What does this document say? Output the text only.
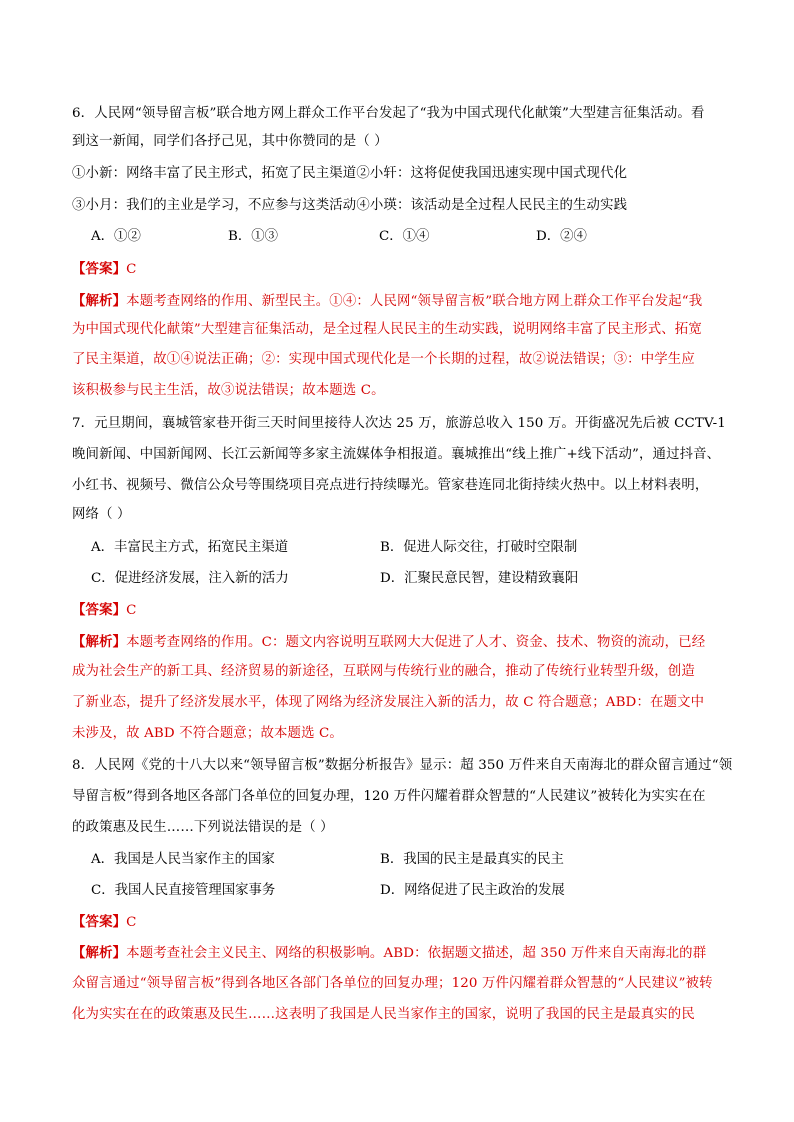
6．人民网“领导留言板”联合地方网上群众工作平台发起了“我为中国式现代化献策”大型建言征集活动。看
到这一新闻，同学们各抒己见，其中你赞同的是（ ）
①小新：网络丰富了民主形式，拓宽了民主渠道②小轩：这将促使我国迅速实现中国式现代化
③小月：我们的主业是学习，不应参与这类活动④小瑛：该活动是全过程人民民主的生动实践
A．①②	B．①③	C．①④	D．②④
【答案】C
【解析】本题考查网络的作用、新型民主。①④：人民网“领导留言板”联合地方网上群众工作平台发起“我
为中国式现代化献策”大型建言征集活动，是全过程人民民主的生动实践，说明网络丰富了民主形式、拓宽
了民主渠道，故①④说法正确；②：实现中国式现代化是一个长期的过程，故②说法错误；③：中学生应
该积极参与民主生活，故③说法错误；故本题选 C。
7．元旦期间，襄城管家巷开街三天时间里接待人次达 25 万，旅游总收入 150 万。开街盛况先后被 CCTV-1
晚间新闻、中国新闻网、长江云新闻等多家主流媒体争相报道。襄城推出“线上推广+线下活动”，通过抖音、
小红书、视频号、微信公众号等围绕项目亮点进行持续曝光。管家巷连同北街持续火热中。以上材料表明，
网络（ ）
A．丰富民主方式，拓宽民主渠道	B．促进人际交往，打破时空限制
C．促进经济发展，注入新的活力	D．汇聚民意民智，建设精致襄阳
【答案】C
【解析】本题考查网络的作用。C：题文内容说明互联网大大促进了人才、资金、技术、物资的流动，已经
成为社会生产的新工具、经济贸易的新途径，互联网与传统行业的融合，推动了传统行业转型升级，创造
了新业态，提升了经济发展水平，体现了网络为经济发展注入新的活力，故 C 符合题意；ABD：在题文中
未涉及，故 ABD 不符合题意；故本题选 C。
8．人民网《党的十八大以来“领导留言板”数据分析报告》显示：超 350 万件来自天南海北的群众留言通过“领
导留言板”得到各地区各部门各单位的回复办理，120 万件闪耀着群众智慧的“人民建议”被转化为实实在在
的政策惠及民生……下列说法错误的是（ ）
A．我国是人民当家作主的国家	B．我国的民主是最真实的民主
C．我国人民直接管理国家事务	D．网络促进了民主政治的发展
【答案】C
【解析】本题考查社会主义民主、网络的积极影响。ABD：依据题文描述，超 350 万件来自天南海北的群
众留言通过“领导留言板”得到各地区各部门各单位的回复办理；120 万件闪耀着群众智慧的“人民建议”被转
化为实实在在的政策惠及民生……这表明了我国是人民当家作主的国家，说明了我国的民主是最真实的民
